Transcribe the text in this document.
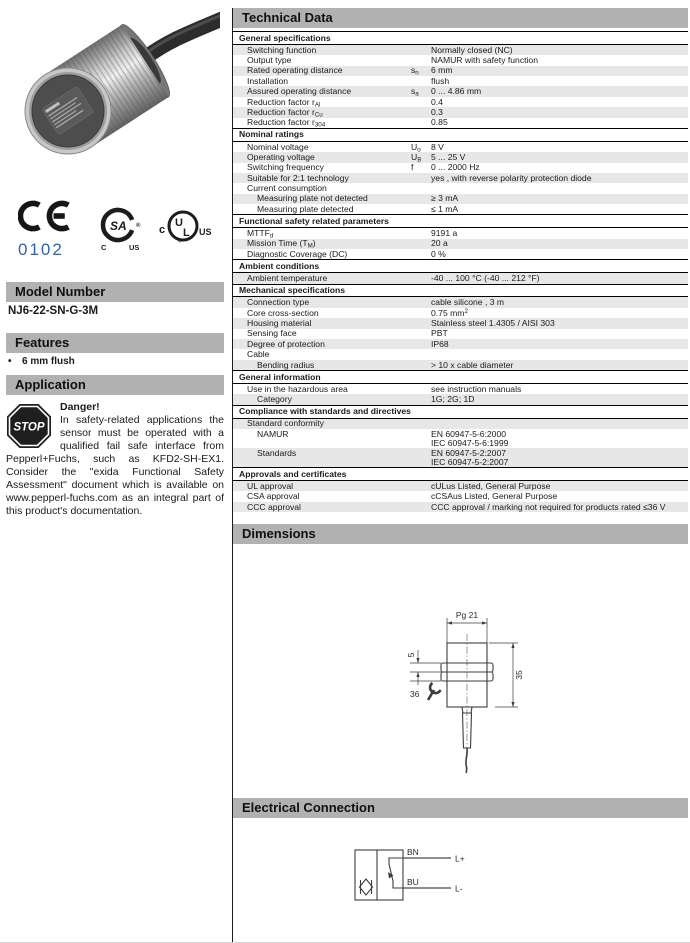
0102
SA ®
C	US
U
L
®
c	US
Model Number
NJ6-22-SN-G-3M
Features
• 6 mm flush
Application
STOP
Danger!
In safety-related applications the sensor must be operated with a qualified fail safe interface from Pepperl+Fuchs, such as KFD2-SH-EX1. Consider the "exida Functional Safety Assessment" document which is available on www.pepperl-fuchs.com as an integral part of this product's documentation.
Technical Data
General specifications
Switching function	Normally closed (NC)
Output type	NAMUR with safety function
Rated operating distance	$s_n$	6 mm
Installation	flush
Assured operating distance	$s_a$	0 ... 4.86 mm
Reduction factor $r_{Al}$	0.4
Reduction factor $r_{Cu}$	0.3
Reduction factor $r_{304}$	0.85
Nominal ratings
Nominal voltage	$U_o$	8 V
Operating voltage	$U_B$	5 ... 25 V
Switching frequency	f	0 ... 2000 Hz
Suitable for 2:1 technology	yes , with reverse polarity protection diode
Current consumption
Measuring plate not detected	≥ 3 mA
Measuring plate detected	≤ 1 mA
Functional safety related parameters
$MTTF_d$	9191 a
Mission Time $(T_M)$	20 a
Diagnostic Coverage (DC)	0 %
Ambient conditions
Ambient temperature	-40 ... 100 °C (-40 ... 212 °F)
Mechanical specifications
Connection type	cable silicone , 3 m
Core cross-section	0.75 $mm^2$
Housing material	Stainless steel 1.4305 / AISI 303
Sensing face	PBT
Degree of protection	IP68
Cable
Bending radius	> 10 x cable diameter
General information
Use in the hazardous area	see instruction manuals
Category	1G; 2G; 1D
Compliance with standards and directives
Standard conformity
NAMUR	EN 60947-5-6:2000
IEC 60947-5-6:1999
Standards	EN 60947-5-2:2007
IEC 60947-5-2:2007
Approvals and certificates
UL approval	cULus Listed, General Purpose
CSA approval	cCSAus Listed, General Purpose
CCC approval	CCC approval / marking not required for products rated ≤36 V
Dimensions
Pg 21
35
5
36
Electrical Connection
BN
BU
L+
L-
